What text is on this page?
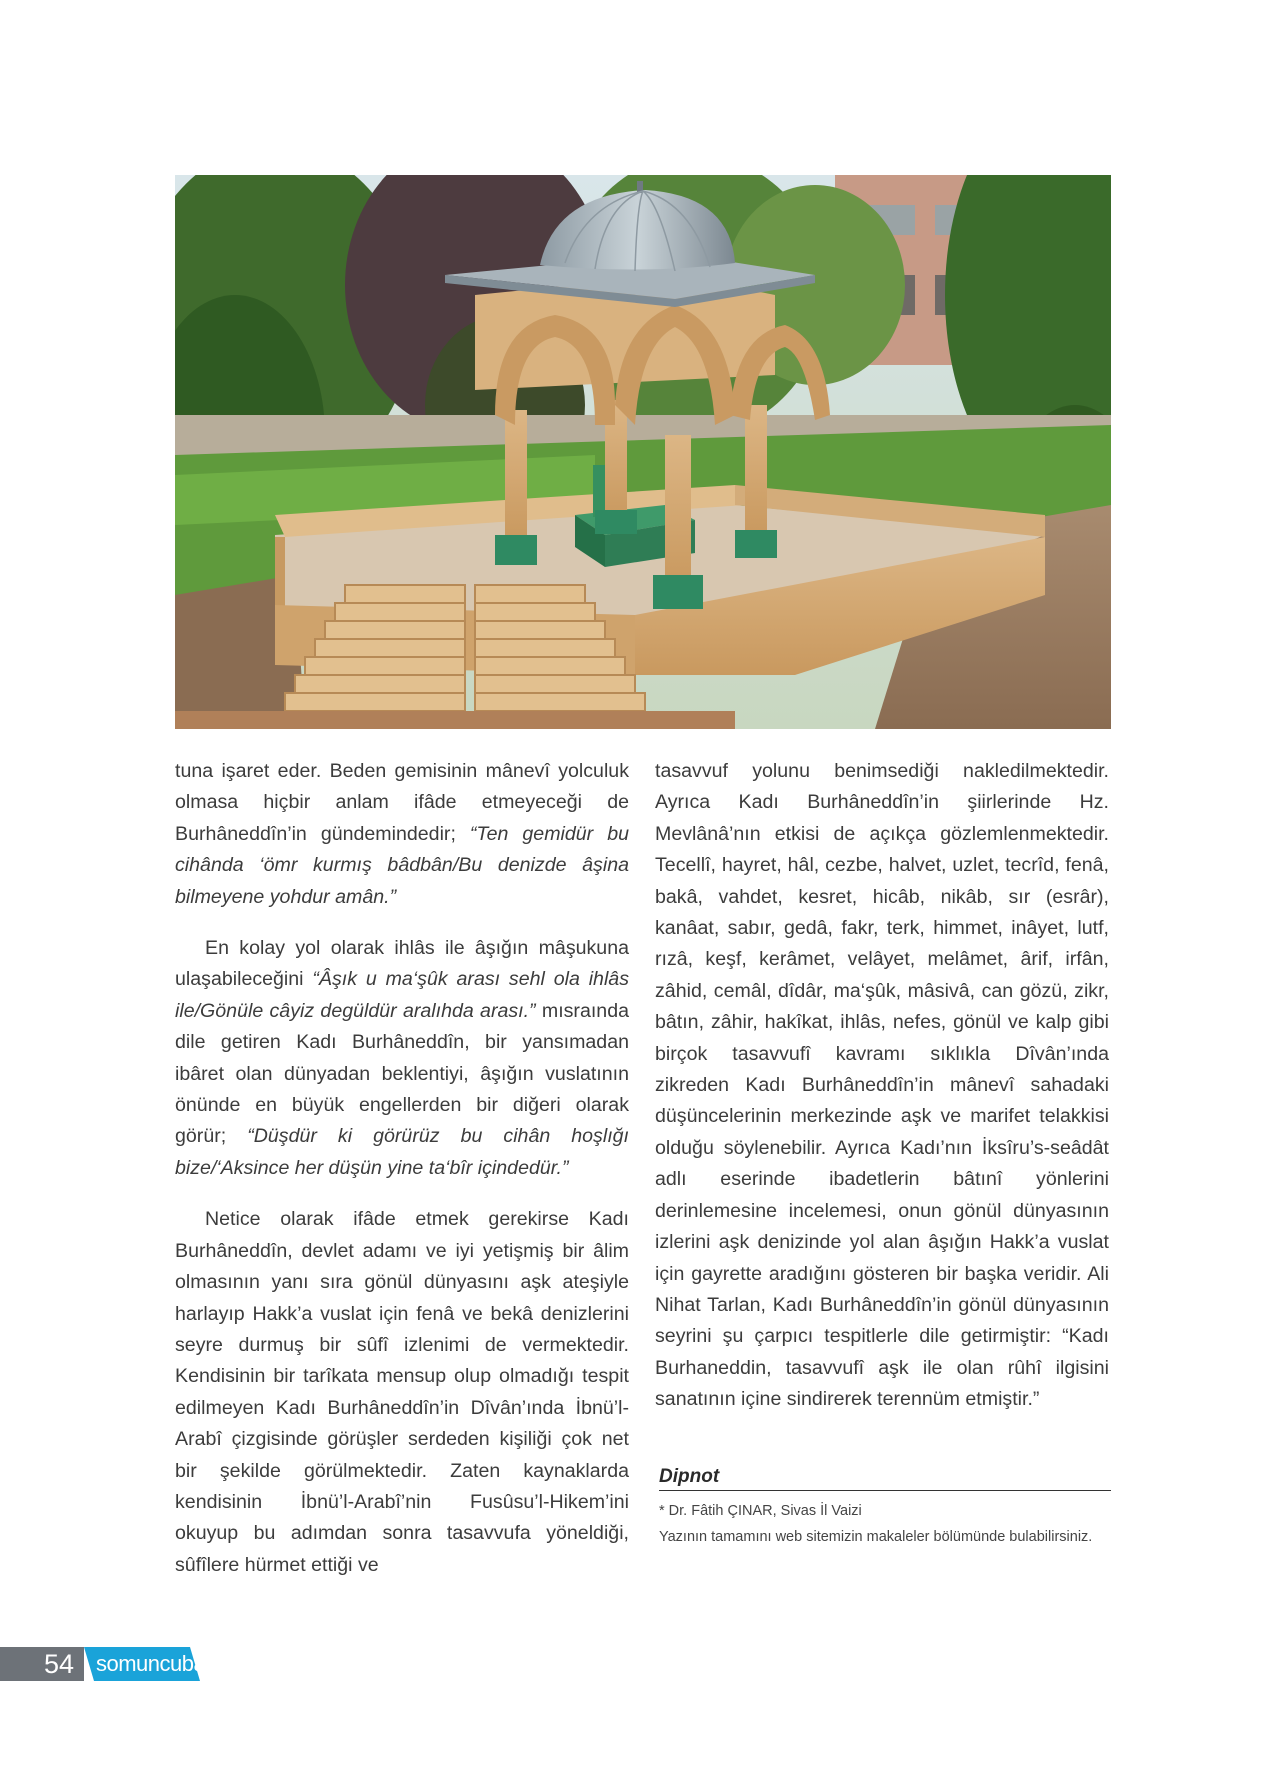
tuna işaret eder. Beden gemisinin mânevî yolculuk olmasa hiçbir anlam ifâde etmeyeceği de Burhâneddîn’in gündemindedir; “Ten gemidür bu cihânda ‘ömr kurmış bâdbân/Bu denizde âşina bilmeyene yohdur amân.”

En kolay yol olarak ihlâs ile âşığın mâşukuna ulaşabileceğini “Âşık u ma‘şûk arası sehl ola ihlâs ile/Gönüle câyiz degüldür aralıhda arası.” mısraında dile getiren Kadı Burhâneddîn, bir yansımadan ibâret olan dünyadan beklentiyi, âşığın vuslatının önünde en büyük engellerden bir diğeri olarak görür; “Düşdür ki görürüz bu cihân hoşlığı bize/‘Aksince her düşün yine ta‘bîr içindedür.”

Netice olarak ifâde etmek gerekirse Kadı Burhâneddîn, devlet adamı ve iyi yetişmiş bir âlim olmasının yanı sıra gönül dünyasını aşk ateşiyle harlayıp Hakk’a vuslat için fenâ ve bekâ denizlerini seyre durmuş bir sûfî izlenimi de vermektedir. Kendisinin bir tarîkata mensup olup olmadığı tespit edilmeyen Kadı Burhâneddîn’in Dîvân’ında İbnü’l-Arabî çizgisinde görüşler serdeden kişiliği çok net bir şekilde görülmektedir. Zaten kaynaklarda kendisinin İbnü’l-Arabî’nin Fusûsu’l-Hikem’ini okuyup bu adımdan sonra tasavvufa yöneldiği, sûfîlere hürmet ettiği ve

tasavvuf yolunu benimsediği nakledilmektedir. Ayrıca Kadı Burhâneddîn’in şiirlerinde Hz. Mevlânâ’nın etkisi de açıkça gözlemlenmektedir. Tecellî, hayret, hâl, cezbe, halvet, uzlet, tecrîd, fenâ, bakâ, vahdet, kesret, hicâb, nikâb, sır (esrâr), kanâat, sabır, gedâ, fakr, terk, himmet, inâyet, lutf, rızâ, keşf, kerâmet, velâyet, melâmet, ârif, irfân, zâhid, cemâl, dîdâr, ma‘şûk, mâsivâ, can gözü, zikr, bâtın, zâhir, hakîkat, ihlâs, nefes, gönül ve kalp gibi birçok tasavvufî kavramı sıklıkla Dîvân’ında zikreden Kadı Burhâneddîn’in mânevî sahadaki düşüncelerinin merkezinde aşk ve marifet telakkisi olduğu söylenebilir. Ayrıca Kadı’nın İksîru’s-seâdât adlı eserinde ibadetlerin bâtınî yönlerini derinlemesine incelemesi, onun gönül dünyasının izlerini aşk denizinde yol alan âşığın Hakk’a vuslat için gayrette aradığını gösteren bir başka veridir. Ali Nihat Tarlan, Kadı Burhâneddîn’in gönül dünyasının seyrini şu çarpıcı tespitlerle dile getirmiştir: “Kadı Burhaneddin, tasavvufî aşk ile olan rûhî ilgisini sanatının içine sindirerek terennüm etmiştir.”

Dipnot
* Dr. Fâtih ÇINAR, Sivas İl Vaizi
Yazının tamamını web sitemizin makaleler bölümünde bulabilirsiniz.
54	somuncubaba
